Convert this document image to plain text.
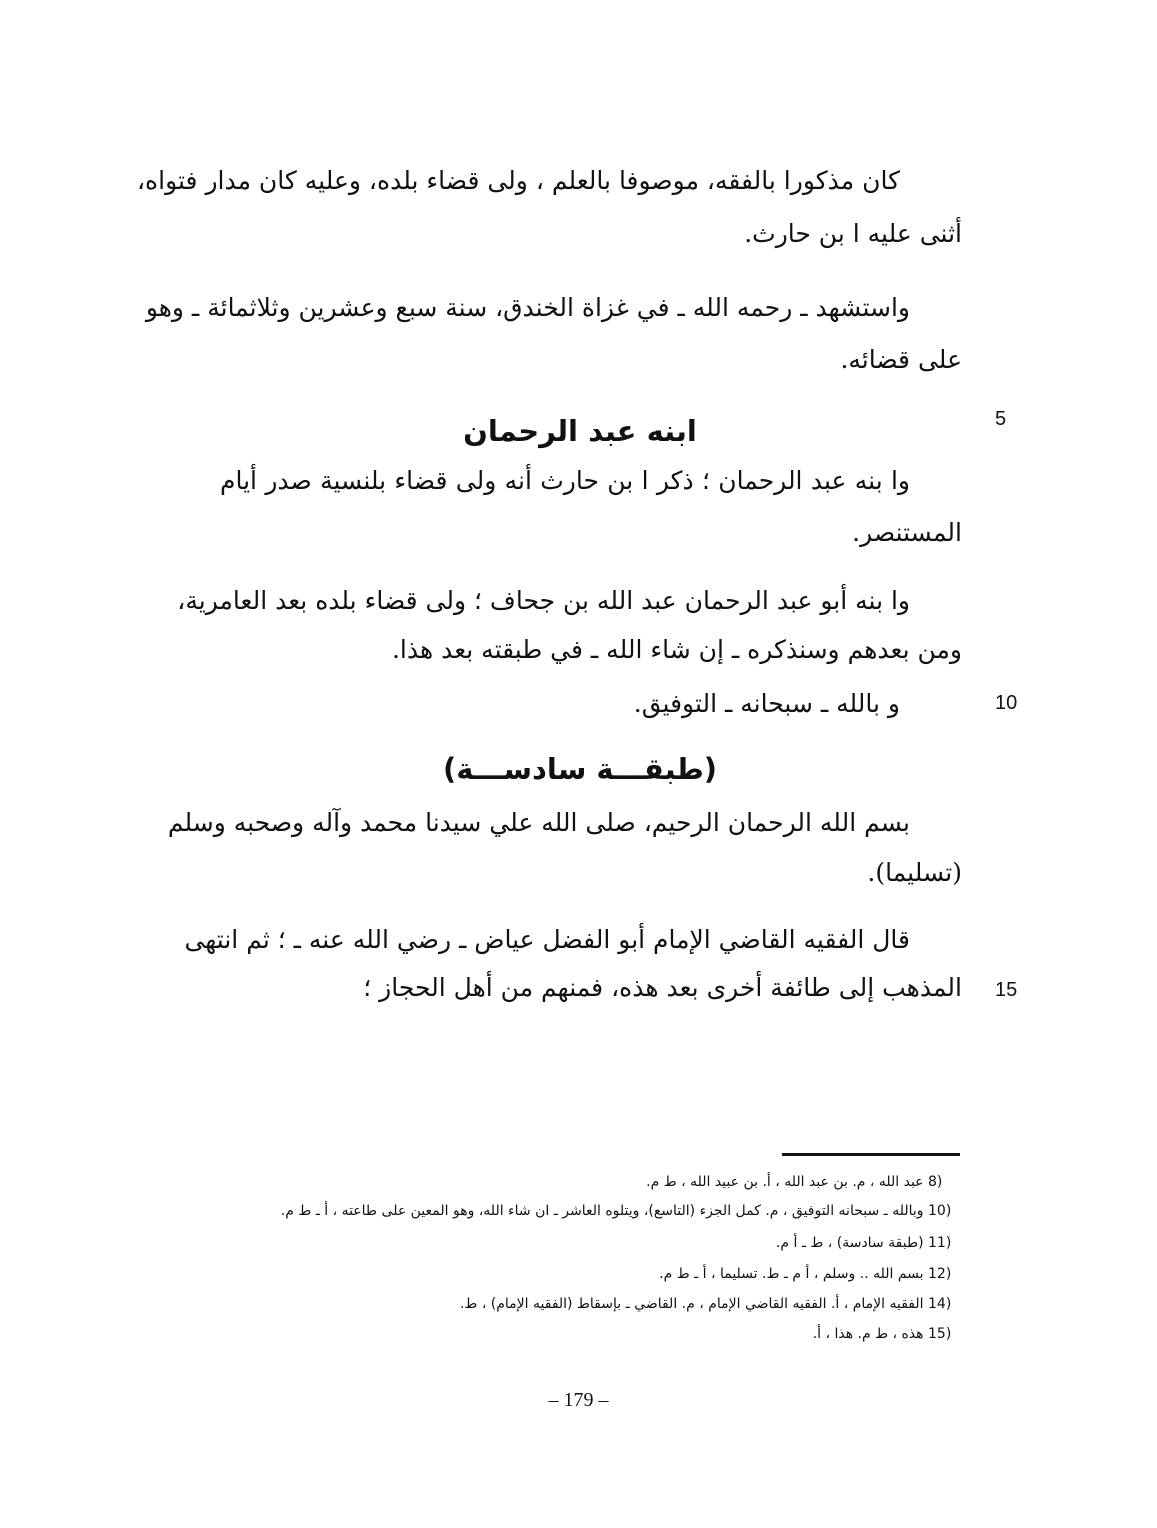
كان مذكورا بالفقه، موصوفا بالعلم ، ولى قضاء بلده، وعليه كان مدار فتواه،
أثنى عليه ا بن حارث.
واستشهد ـ رحمه الله ـ في غزاة الخندق، سنة سبع وعشرين وثلاثمائة ـ وهو
على قضائه.
ابنه عبد الرحمان	5
وا بنه عبد الرحمان ؛ ذكر ا بن حارث أنه ولى قضاء بلنسية صدر أيام
المستنصر.
وا بنه أبو عبد الرحمان عبد الله بن جحاف ؛ ولى قضاء بلده بعد العامرية،
ومن بعدهم وسنذكره ـ إن شاء الله ـ في طبقته بعد هذا.
و بالله ـ سبحانه ـ التوفيق.	10
(طبقـــة سادســـة)
بسم الله الرحمان الرحيم، صلى الله علي سيدنا محمد وآله وصحبه وسلم
(تسليما).
قال الفقيه القاضي الإمام أبو الفضل عياض ـ رضي الله عنه ـ ؛ ثم انتهى
المذهب إلى طائفة أخرى بعد هذه، فمنهم من أهل الحجاز ؛ 15
8) عبد الله ، م. بن عبد الله ، أ. بن عبيد الله ، ط م.
10) وبالله ـ سبحانه التوفيق ، م. كمل الجزء (التاسع)، ويتلوه العاشر ـ ان شاء الله، وهو المعين على طاعته ، أ ـ ط م.
11) (طبقة سادسة) ، ط ـ أ م.
12) بسم الله .. وسلم ، أ م ـ ط. تسليما ، أ ـ ط م.
14) الفقيه الإمام ، أ. الفقيه القاضي الإمام ، م. القاضي ـ بإسقاط (الفقيه الإمام) ، ط.
15) هذه ، ط م. هذا ، أ.
– 179 –
